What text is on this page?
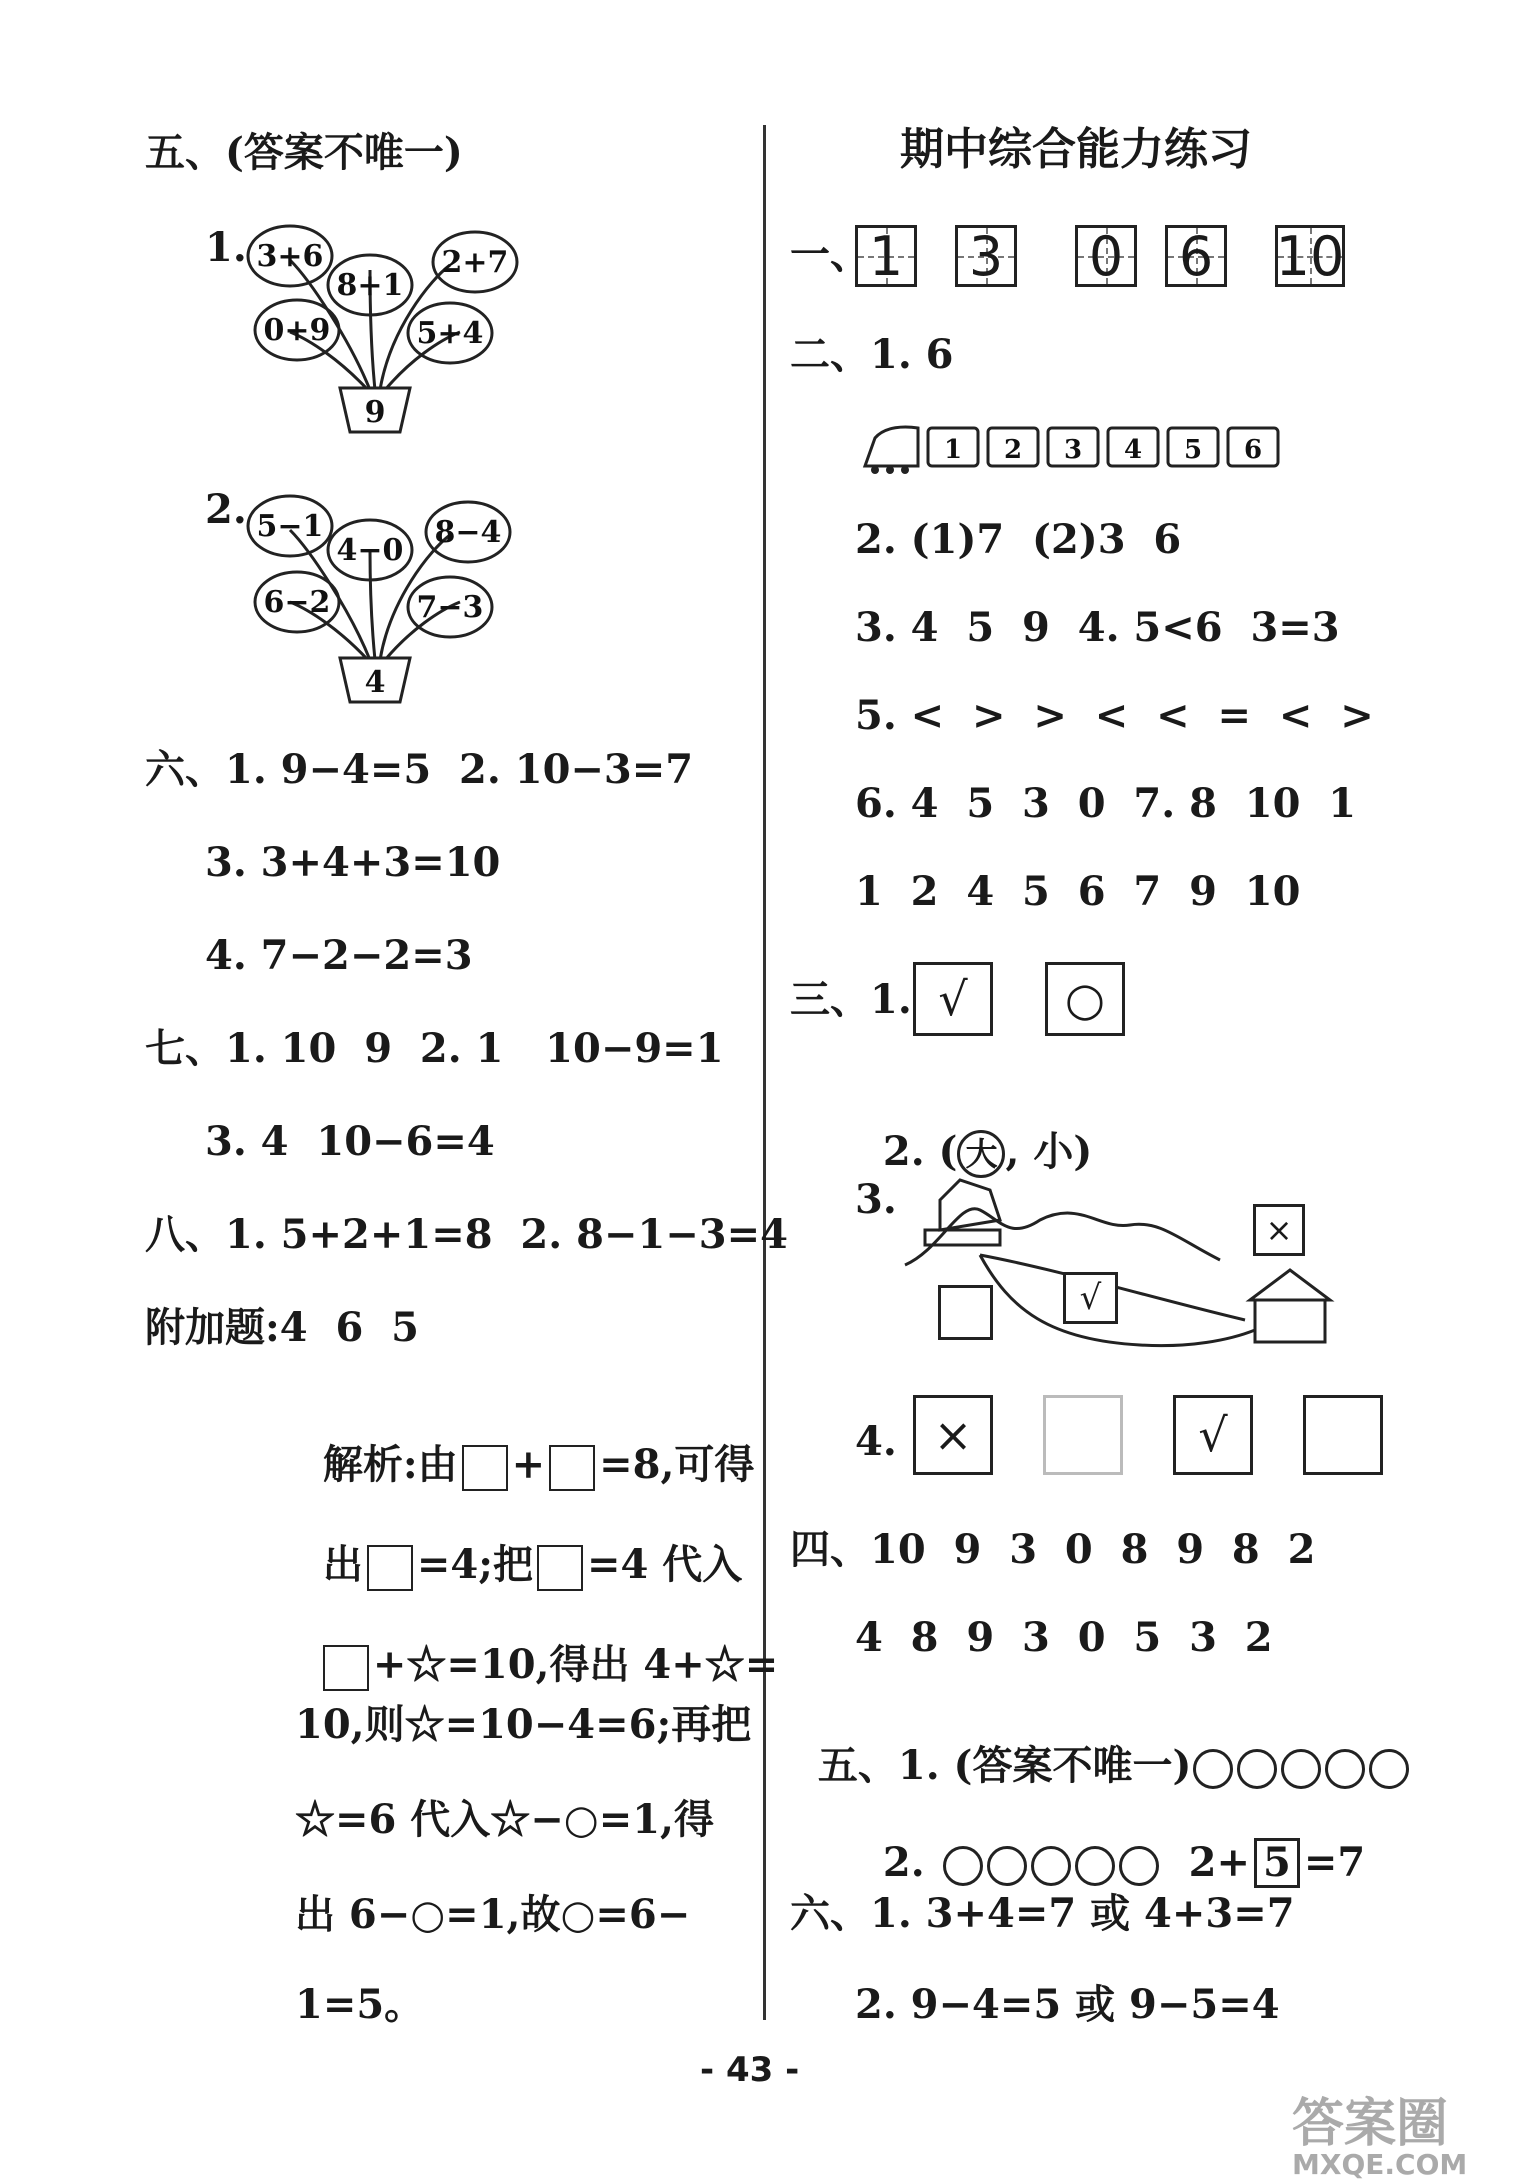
五、(答案不唯一)
1. 3+6
8+1
2+7
0+9	5+4
9
2. 5−1
4−0
8−4
6−2	7−3
4
六、1. 9−4=5  2. 10−3=7
3. 3+4+3=10
4. 7−2−2=3
七、1. 10  9  2. 1   10−9=1
3. 4  10−6=4
八、1. 5+2+1=8  2. 8−1−3=4
附加题:4  6  5

解析:由 + =8,可得

出 =4;把 =4 代入

+☆=10,得出 4+☆=

10,则☆=10−4=6;再把
☆=6 代入☆−○=1,得
出 6−○=1,故○=6−
1=5。
期中综合能力练习
一、
1 3 0 6 10
二、1. 6
1 2 3 4 5 6
2. (1)7  (2)3  6
3. 4  5  9  4. 5<6  3=3
5. <  >  >  <  <  =  <  >
6. 4  5  3  0  7. 8  10  1
1  2  4  5  6  7  9  10
三、1. √ ○

2. ( 大 , 小)

3.
×
√
4. ×	√
四、10  9  3  0  8  9  8  2
4  8  9  3  0  5  3  2

五、1. (答案不唯一)

2.	2+ 5 =7

六、1. 3+4=7 或 4+3=7
2. 9−4=5 或 9−5=4
- 43 -
答案圈
MXQE.COM
